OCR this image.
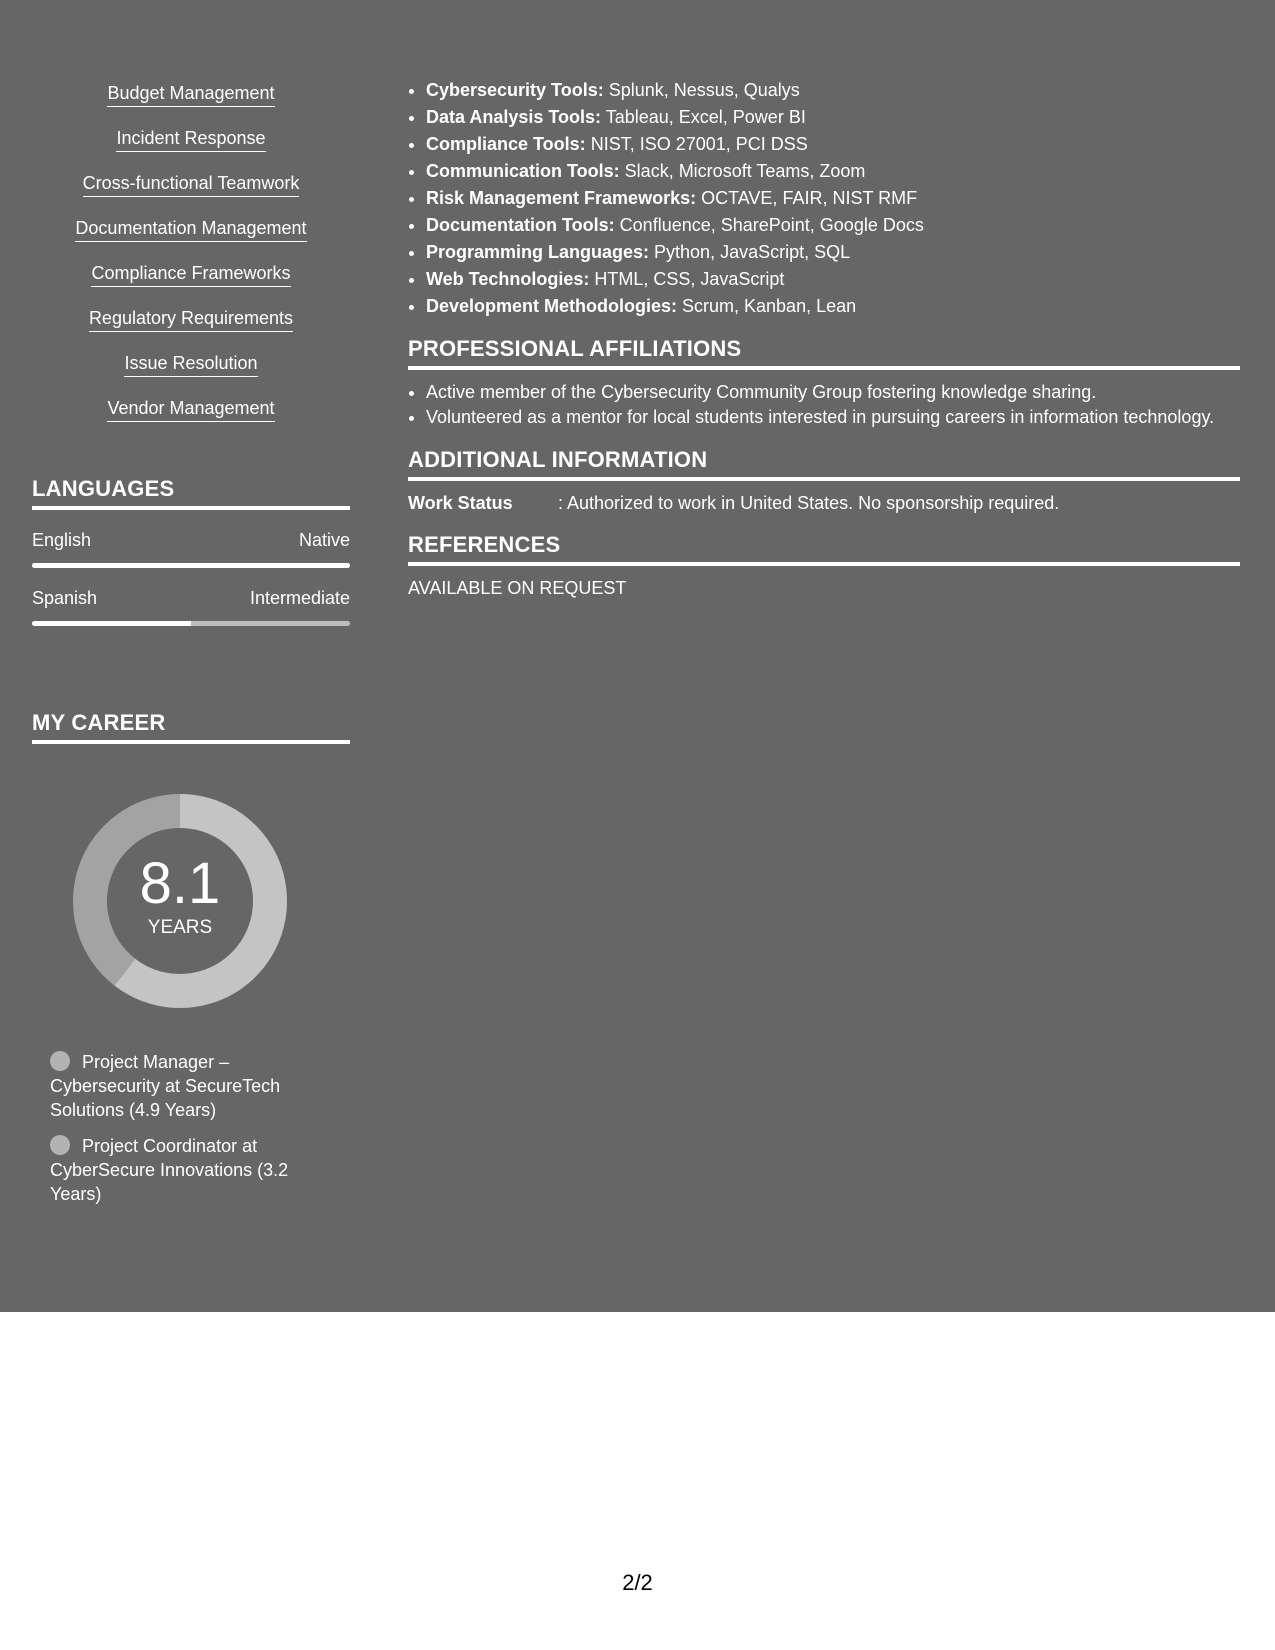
Budget Management
Incident Response
Cross-functional Teamwork
Documentation Management
Compliance Frameworks
Regulatory Requirements
Issue Resolution
Vendor Management
LANGUAGES
English	Native
Spanish	Intermediate
MY CAREER
8.1
YEARS
Project Manager – Cybersecurity at SecureTech Solutions (4.9 Years)
Project Coordinator at CyberSecure Innovations (3.2 Years)
• Cybersecurity Tools: Splunk, Nessus, Qualys
• Data Analysis Tools: Tableau, Excel, Power BI
• Compliance Tools: NIST, ISO 27001, PCI DSS
• Communication Tools: Slack, Microsoft Teams, Zoom
• Risk Management Frameworks: OCTAVE, FAIR, NIST RMF
• Documentation Tools: Confluence, SharePoint, Google Docs
• Programming Languages: Python, JavaScript, SQL
• Web Technologies: HTML, CSS, JavaScript
• Development Methodologies: Scrum, Kanban, Lean
PROFESSIONAL AFFILIATIONS
• Active member of the Cybersecurity Community Group fostering knowledge sharing.
• Volunteered as a mentor for local students interested in pursuing careers in information technology.
ADDITIONAL INFORMATION
Work Status	: Authorized to work in United States. No sponsorship required.
REFERENCES
AVAILABLE ON REQUEST
2/2
